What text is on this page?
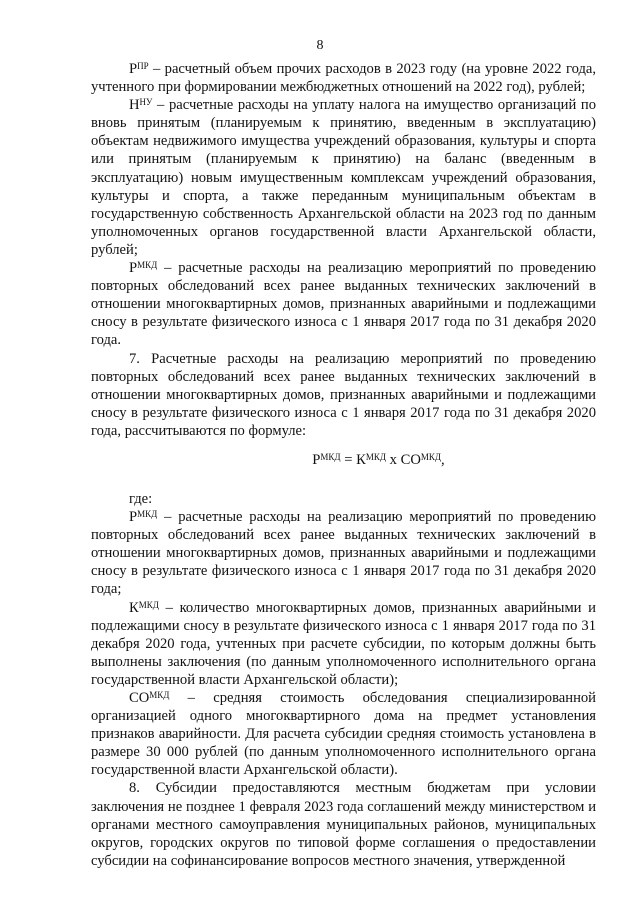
8

$Р^{ПР}$ – расчетный объем прочих расходов в 2023 году (на уровне 2022 года, учтенного при формировании межбюджетных отношений на 2022 год), рублей;

$Н^{НУ}$ – расчетные расходы на уплату налога на имущество организаций по вновь принятым (планируемым к принятию, введенным в эксплуатацию) объектам недвижимого имущества учреждений образования, культуры и спорта или принятым (планируемым к принятию) на баланс (введенным в эксплуатацию) новым имущественным комплексам учреждений образования, культуры и спорта, а также переданным муниципальным объектам в государственную собственность Архангельской области на 2023 год по данным уполномоченных органов государственной власти Архангельской области, рублей;

$Р^{МКД}$ – расчетные расходы на реализацию мероприятий по проведению повторных обследований всех ранее выданных технических заключений в отношении многоквартирных домов, признанных аварийными и подлежащими сносу в результате физического износа с 1 января 2017 года по 31 декабря 2020 года.

7. Расчетные расходы на реализацию мероприятий по проведению повторных обследований всех ранее выданных технических заключений в отношении многоквартирных домов, признанных аварийными и подлежащими сносу в результате физического износа с 1 января 2017 года по 31 декабря 2020 года, рассчитываются по формуле:

$Р^{МКД} = К^{МКД}$ х $СО^{МКД}$,

где:

$Р^{МКД}$ – расчетные расходы на реализацию мероприятий по проведению повторных обследований всех ранее выданных технических заключений в отношении многоквартирных домов, признанных аварийными и подлежащими сносу в результате физического износа с 1 января 2017 года по 31 декабря 2020 года;

$К^{МКД}$ – количество многоквартирных домов, признанных аварийными и подлежащими сносу в результате физического износа с 1 января 2017 года по 31 декабря 2020 года, учтенных при расчете субсидии, по которым должны быть выполнены заключения (по данным уполномоченного исполнительного органа государственной власти Архангельской области);

$СО^{МКД}$ – средняя стоимость обследования специализированной организацией одного многоквартирного дома на предмет установления признаков аварийности. Для расчета субсидии средняя стоимость установлена в размере 30 000 рублей (по данным уполномоченного исполнительного органа государственной власти Архангельской области).

8. Субсидии предоставляются местным бюджетам при условии заключения не позднее 1 февраля 2023 года соглашений между министерством и органами местного самоуправления муниципальных районов, муниципальных округов, городских округов по типовой форме соглашения о предоставлении субсидии на софинансирование вопросов местного значения, утвержденной
